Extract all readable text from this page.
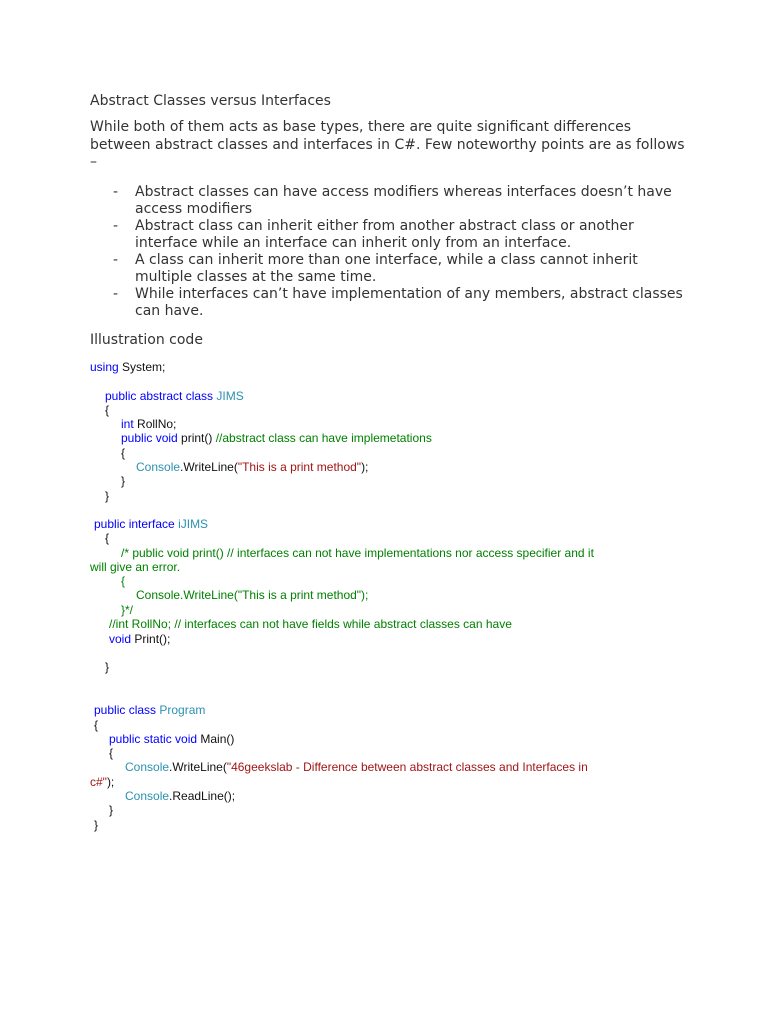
Abstract Classes versus Interfaces
While both of them acts as base types, there are quite significant differences between abstract classes and interfaces in C#. Few noteworthy points are as follows –
- Abstract classes can have access modifiers whereas interfaces doesn’t have access modifiers
- Abstract class can inherit either from another abstract class or another interface while an interface can inherit only from an interface.
- A class can inherit more than one interface, while a class cannot inherit multiple classes at the same time.
- While interfaces can’t have implementation of any members, abstract classes can have.
Illustration code
using System;
public abstract class JIMS
{
int RollNo;
public void print() //abstract class can have implemetations
{
Console.WriteLine("This is a print method");
}
}
public interface iJIMS
{
/* public void print() // interfaces can not have implementations nor access specifier and it
will give an error.
{
Console.WriteLine("This is a print method");
}*/
//int RollNo; // interfaces can not have fields while abstract classes can have
void Print();
}
public class Program
{
public static void Main()
{
Console.WriteLine("46geekslab - Difference between abstract classes and Interfaces in
c#");
Console.ReadLine();
}
}
